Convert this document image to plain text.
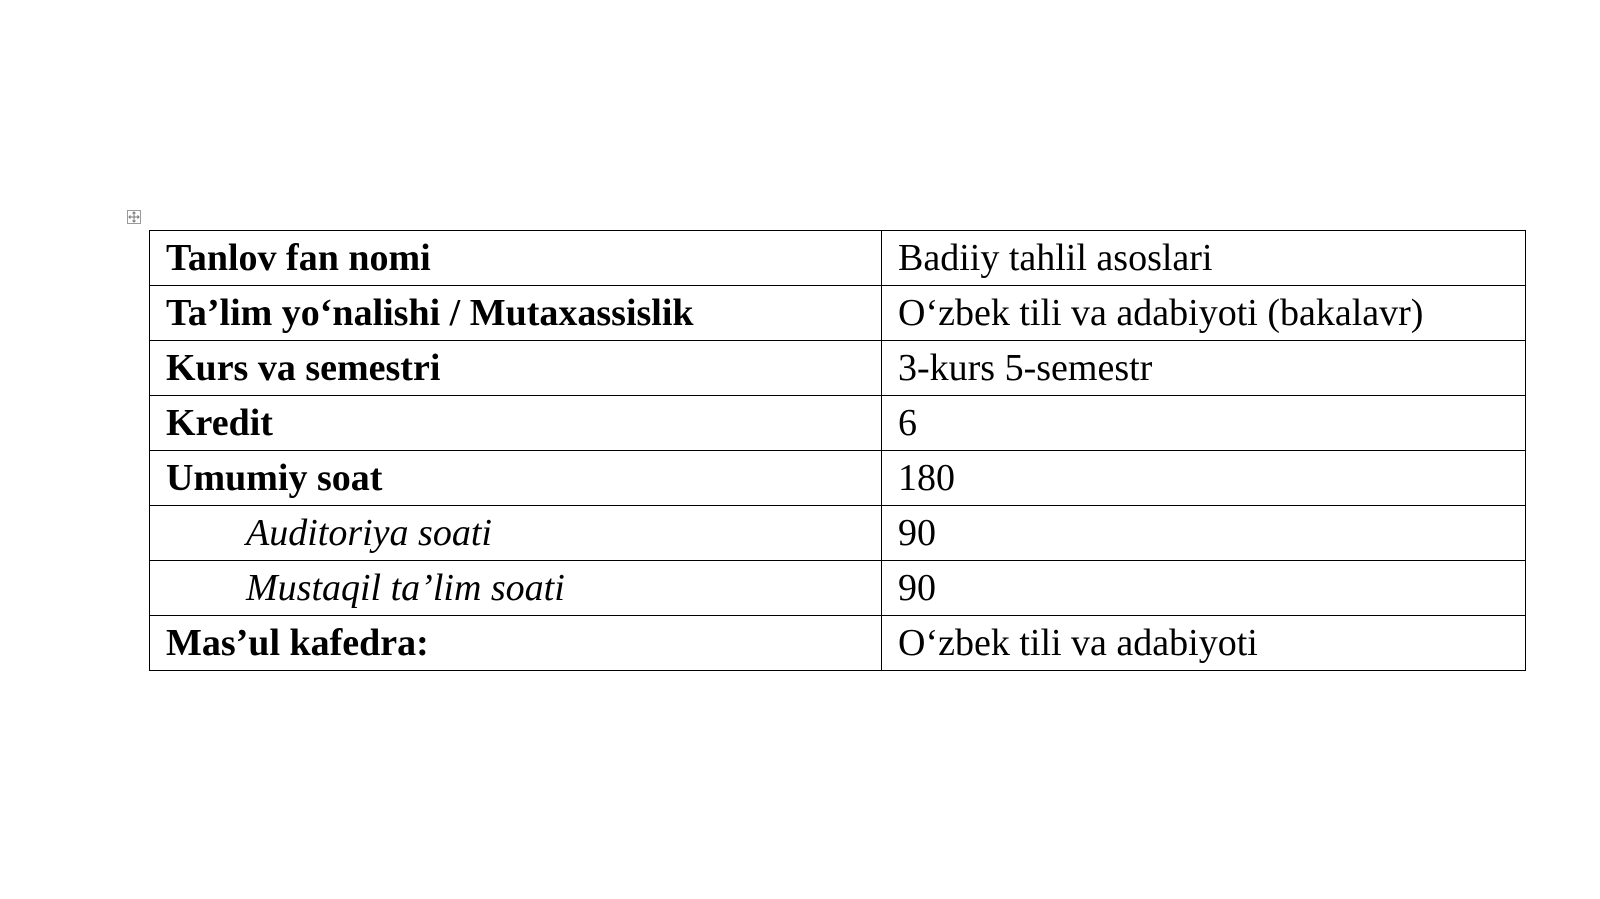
Tanlov fan nomi	Badiiy tahlil asoslari
Ta’lim yo‘nalishi / Mutaxassislik	O‘zbek tili va adabiyoti (bakalavr)
Kurs va semestri	3-kurs 5-semestr
Kredit	6
Umumiy soat	180
Auditoriya soati	90
Mustaqil ta’lim soati	90
Mas’ul kafedra:	O‘zbek tili va adabiyoti
